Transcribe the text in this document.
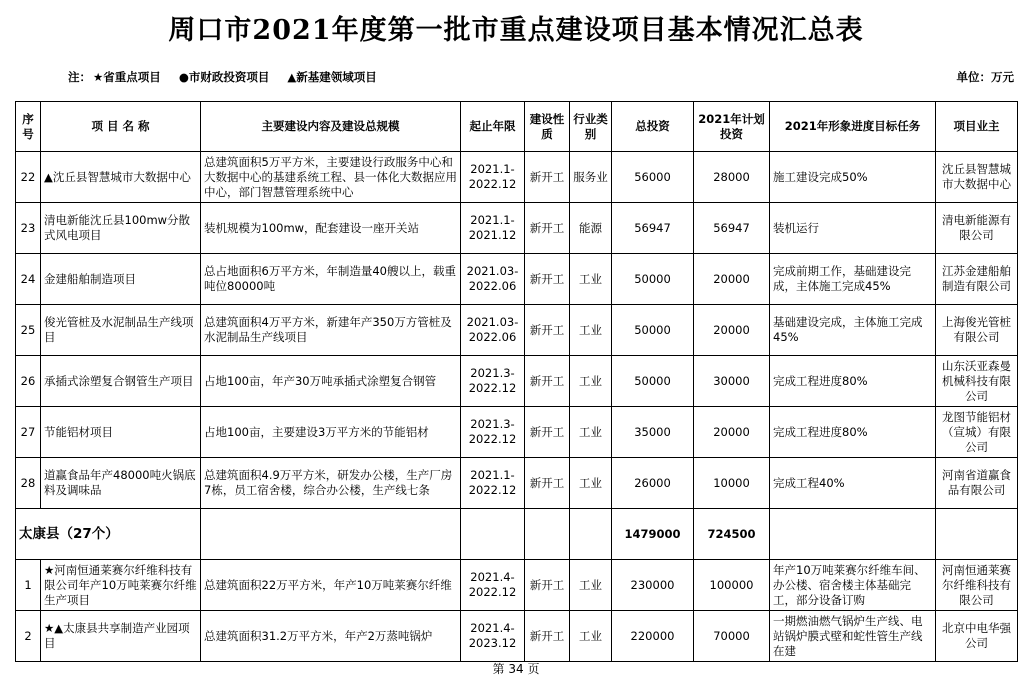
周口市2021年度第一批市重点建设项目基本情况汇总表
注： ★省重点项目 ●市财政投资项目 ▲新基建领域项目	单位：万元
序号	项 目 名 称	主要建设内容及建设总规模	起止年限	建设性质	行业类别	总投资	2021年计划投资	2021年形象进度目标任务	项目业主
22	▲沈丘县智慧城市大数据中心	总建筑面积5万平方米，主要建设行政服务中心和大数据中心的基建系统工程、县一体化大数据应用中心，部门智慧管理系统中心	2021.1-2022.12	新开工	服务业	56000	28000	施工建设完成50%	沈丘县智慧城市大数据中心
23	清电新能沈丘县100mw分散式风电项目	装机规模为100mw，配套建设一座开关站	2021.1-2021.12	新开工	能源	56947	56947	装机运行	清电新能源有限公司
24	金建船舶制造项目	总占地面积6万平方米，年制造量40艘以上，载重吨位80000吨	2021.03-2022.06	新开工	工业	50000	20000	完成前期工作，基础建设完成，主体施工完成45%	江苏金建船舶制造有限公司
25	俊光管桩及水泥制品生产线项目	总建筑面积4万平方米，新建年产350万方管桩及水泥制品生产线项目	2021.03-2022.06	新开工	工业	50000	20000	基础建设完成，主体施工完成45%	上海俊光管桩有限公司
26	承插式涂塑复合钢管生产项目	占地100亩，年产30万吨承插式涂塑复合钢管	2021.3-2022.12	新开工	工业	50000	30000	完成工程进度80%	山东沃亚森曼机械科技有限公司
27	节能铝材项目	占地100亩，主要建设3万平方米的节能铝材	2021.3-2022.12	新开工	工业	35000	20000	完成工程进度80%	龙图节能铝材（宣城）有限公司
28	道赢食品年产48000吨火锅底料及调味品	总建筑面积4.9万平方米，研发办公楼，生产厂房7栋，员工宿舍楼，综合办公楼，生产线七条	2021.1-2022.12	新开工	工业	26000	10000	完成工程40%	河南省道赢食品有限公司
太康县（27个）						1479000	724500		
1	★河南恒通莱赛尔纤维科技有限公司年产10万吨莱赛尔纤维生产项目	总建筑面积22万平方米，年产10万吨莱赛尔纤维	2021.4-2022.12	新开工	工业	230000	100000	年产10万吨莱赛尔纤维车间、办公楼、宿舍楼主体基础完工，部分设备订购	河南恒通莱赛尔纤维科技有限公司
2	★▲太康县共享制造产业园项目	总建筑面积31.2万平方米，年产2万蒸吨锅炉	2021.4-2023.12	新开工	工业	220000	70000	一期燃油燃气锅炉生产线、电站锅炉膜式壁和蛇性管生产线在建	北京中电华强公司
第 34 页
